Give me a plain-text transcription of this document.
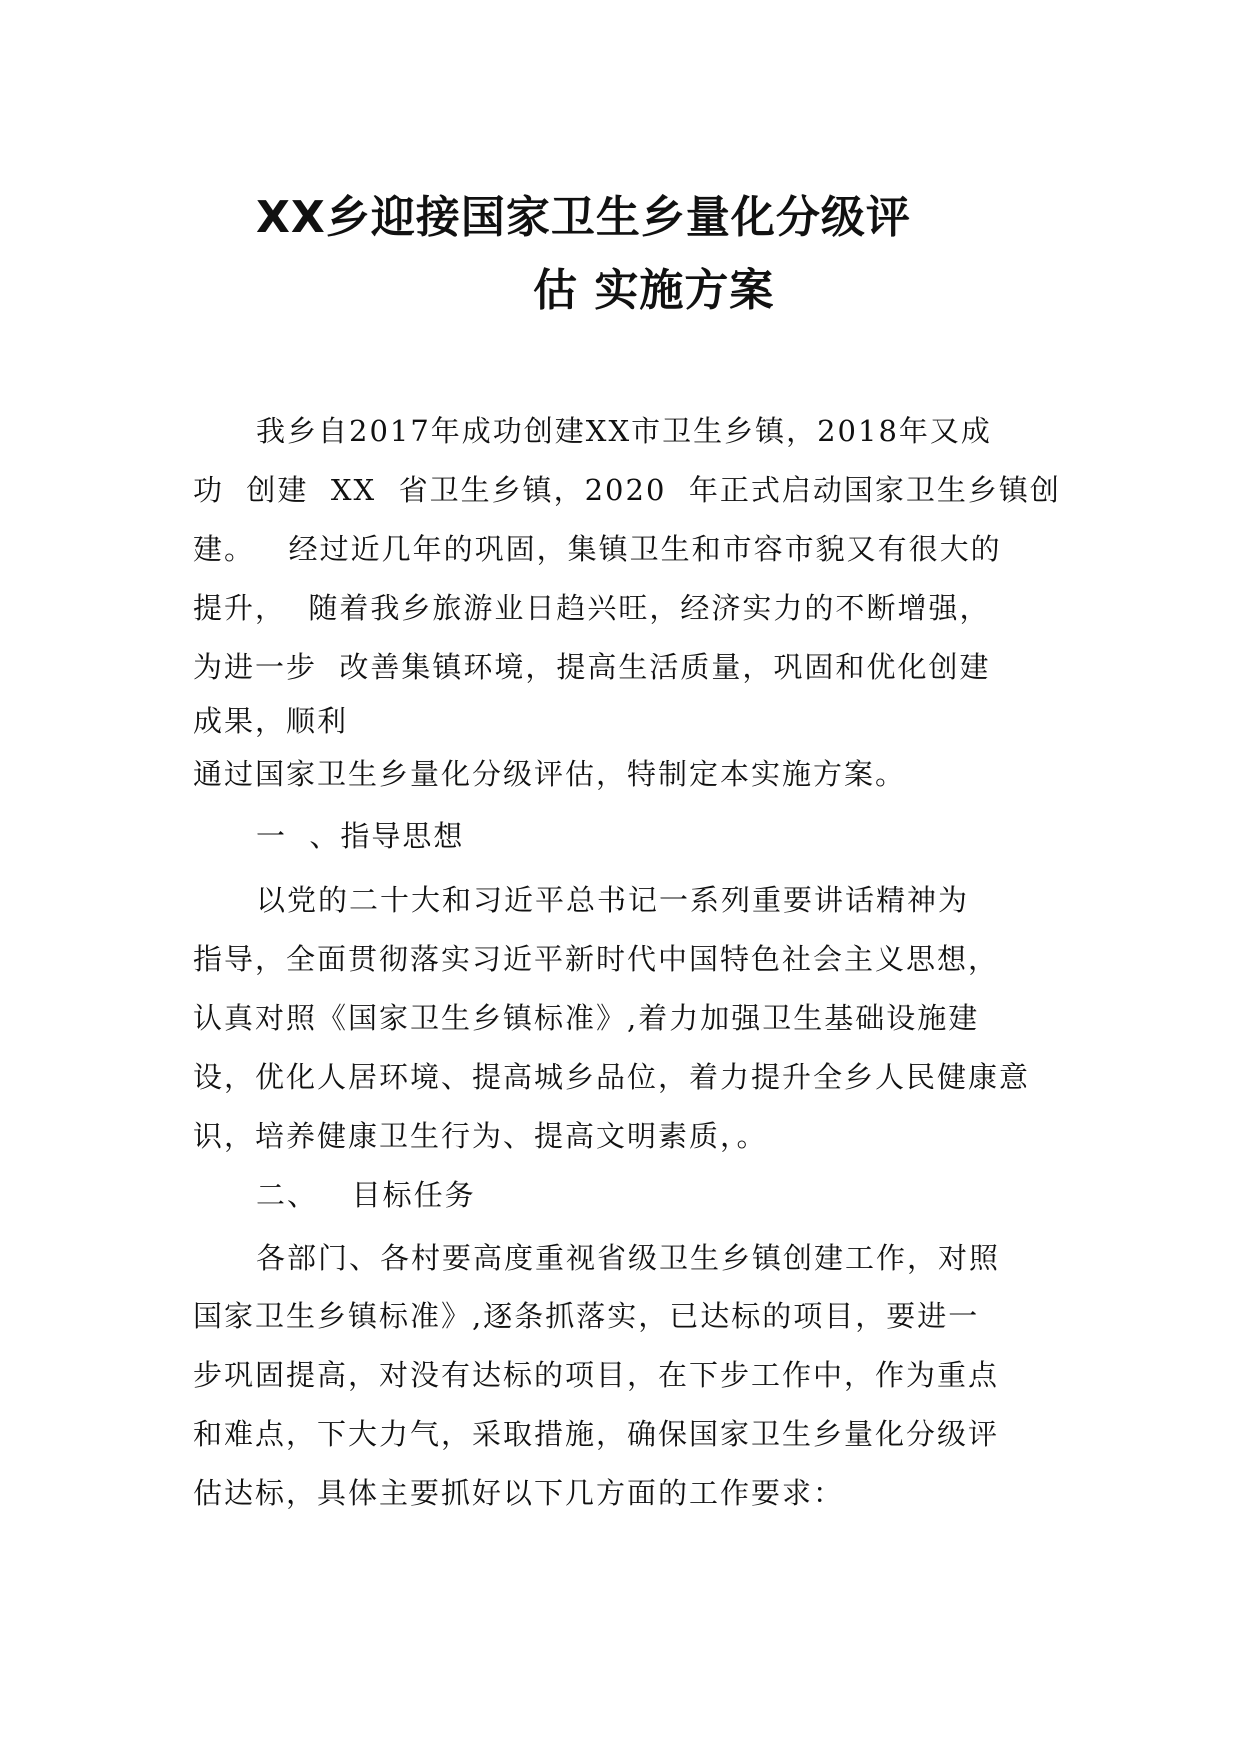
XX乡迎接国家卫生乡量化分级评
估 实施方案
我乡自2017年成功创建XX市卫生乡镇，2018年又成
功  创建  XX  省卫生乡镇，2020  年正式启动国家卫生乡镇创
建。   经过近几年的巩固，集镇卫生和市容市貌又有很大的
提升，  随着我乡旅游业日趋兴旺，经济实力的不断增强，
为进一步  改善集镇环境，提高生活质量，巩固和优化创建
成果，顺利
通过国家卫生乡量化分级评估，特制定本实施方案。
一  、指导思想
以党的二十大和习近平总书记一系列重要讲话精神为
指导，全面贯彻落实习近平新时代中国特色社会主义思想，
认真对照《国家卫生乡镇标准》,着力加强卫生基础设施建
设，优化人居环境、提高城乡品位，着力提升全乡人民健康意
识，培养健康卫生行为、提高文明素质，。
二、   目标任务
各部门、各村要高度重视省级卫生乡镇创建工作，对照
国家卫生乡镇标准》,逐条抓落实，已达标的项目，要进一
步巩固提高，对没有达标的项目，在下步工作中，作为重点
和难点，下大力气，采取措施，确保国家卫生乡量化分级评
估达标，具体主要抓好以下几方面的工作要求：
